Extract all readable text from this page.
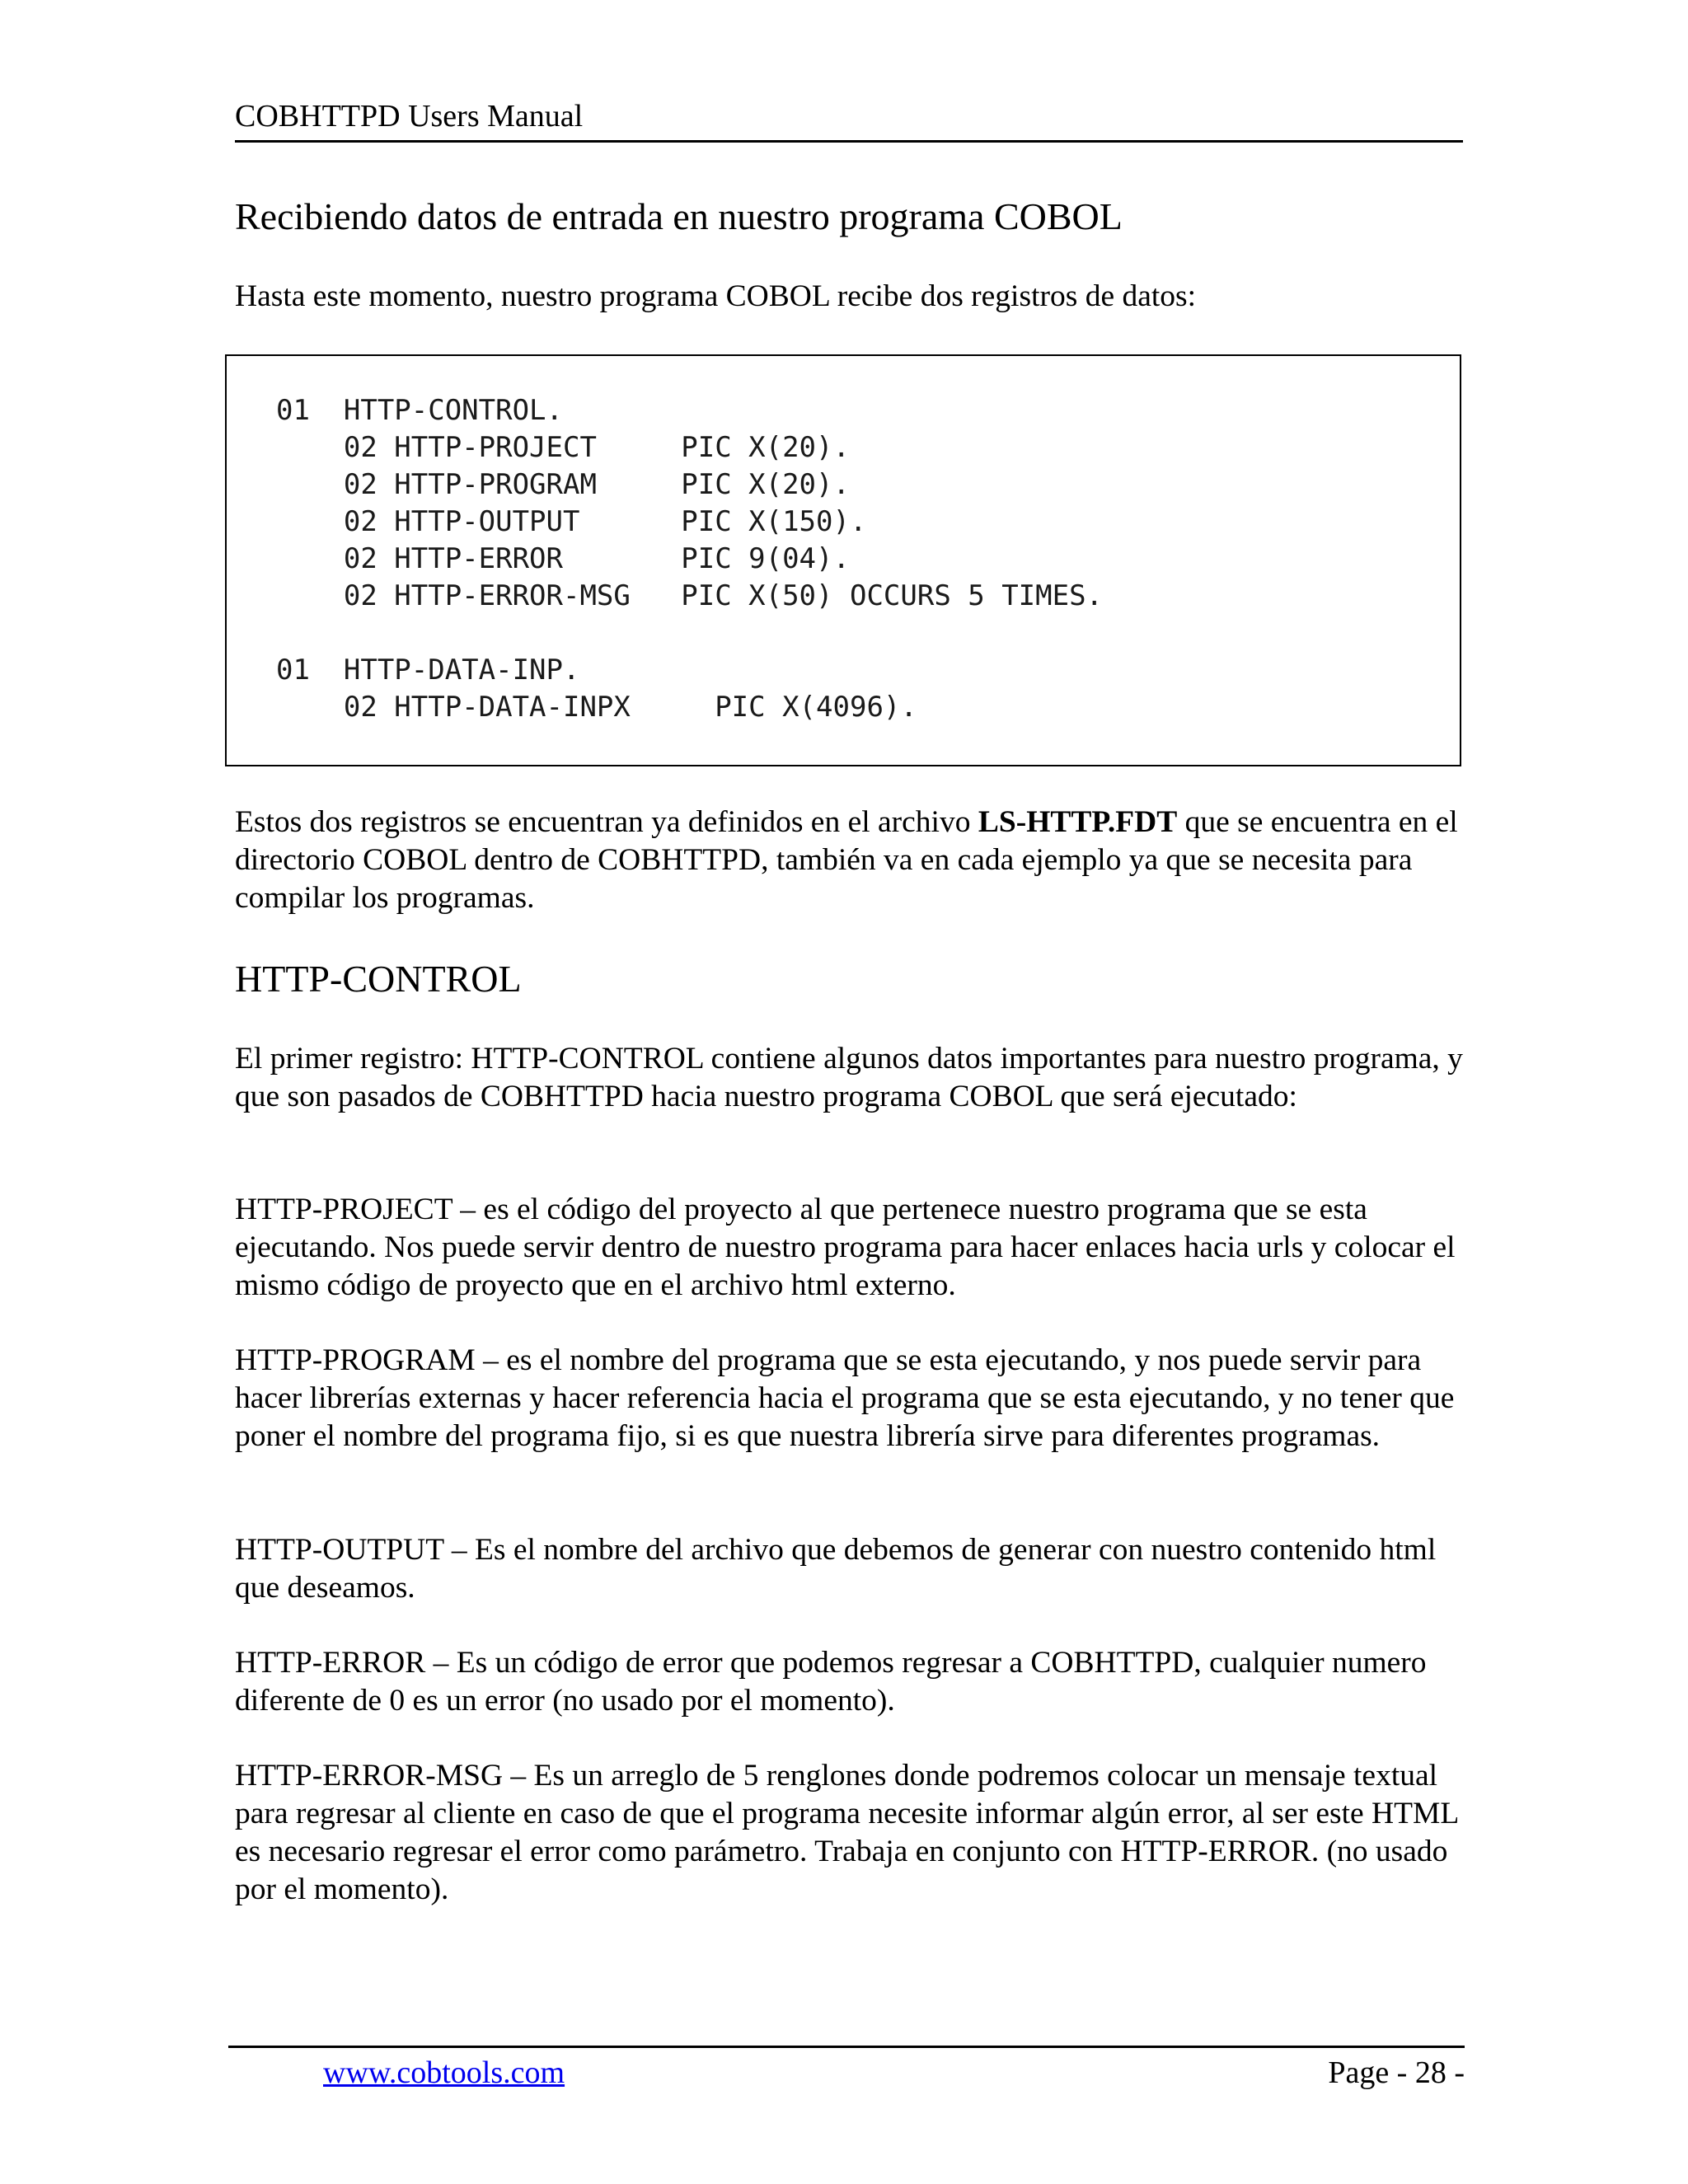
COBHTTPD Users Manual
Recibiendo datos de entrada en nuestro programa COBOL

Hasta este momento, nuestro programa COBOL recibe dos registros de datos:

01  HTTP-CONTROL.
02 HTTP-PROJECT     PIC X(20).
02 HTTP-PROGRAM     PIC X(20).
02 HTTP-OUTPUT      PIC X(150).
02 HTTP-ERROR       PIC 9(04).
02 HTTP-ERROR-MSG   PIC X(50) OCCURS 5 TIMES.
01  HTTP-DATA-INP.
02 HTTP-DATA-INPX     PIC X(4096).

Estos dos registros se encuentran ya definidos en el archivo LS-HTTP.FDT que se encuentra en el directorio COBOL dentro de COBHTTPD, también va en cada ejemplo ya que se necesita para compilar los programas.

HTTP-CONTROL

El primer registro: HTTP-CONTROL contiene algunos datos importantes para nuestro programa, y que son pasados de COBHTTPD hacia nuestro programa COBOL que será ejecutado:

HTTP-PROJECT – es el código del proyecto al que pertenece nuestro programa que se esta ejecutando. Nos puede servir dentro de nuestro programa para hacer enlaces hacia urls y colocar el mismo código de proyecto que en el archivo html externo.

HTTP-PROGRAM – es el nombre del programa que se esta ejecutando, y nos puede servir para hacer librerías externas y hacer referencia hacia el programa que se esta ejecutando, y no tener que poner el nombre del programa fijo, si es que nuestra librería sirve para diferentes programas.

HTTP-OUTPUT – Es el nombre del archivo que debemos de generar con nuestro contenido html que deseamos.

HTTP-ERROR – Es un código de error que podemos regresar a COBHTTPD, cualquier numero diferente de 0 es un error (no usado por el momento).

HTTP-ERROR-MSG – Es un arreglo de 5 renglones donde podremos colocar un mensaje textual para regresar al cliente en caso de que el programa necesite informar algún error, al ser este HTML es necesario regresar el error como parámetro. Trabaja en conjunto con HTTP-ERROR. (no usado por el momento).

www.cobtools.com	Page - 28 -
